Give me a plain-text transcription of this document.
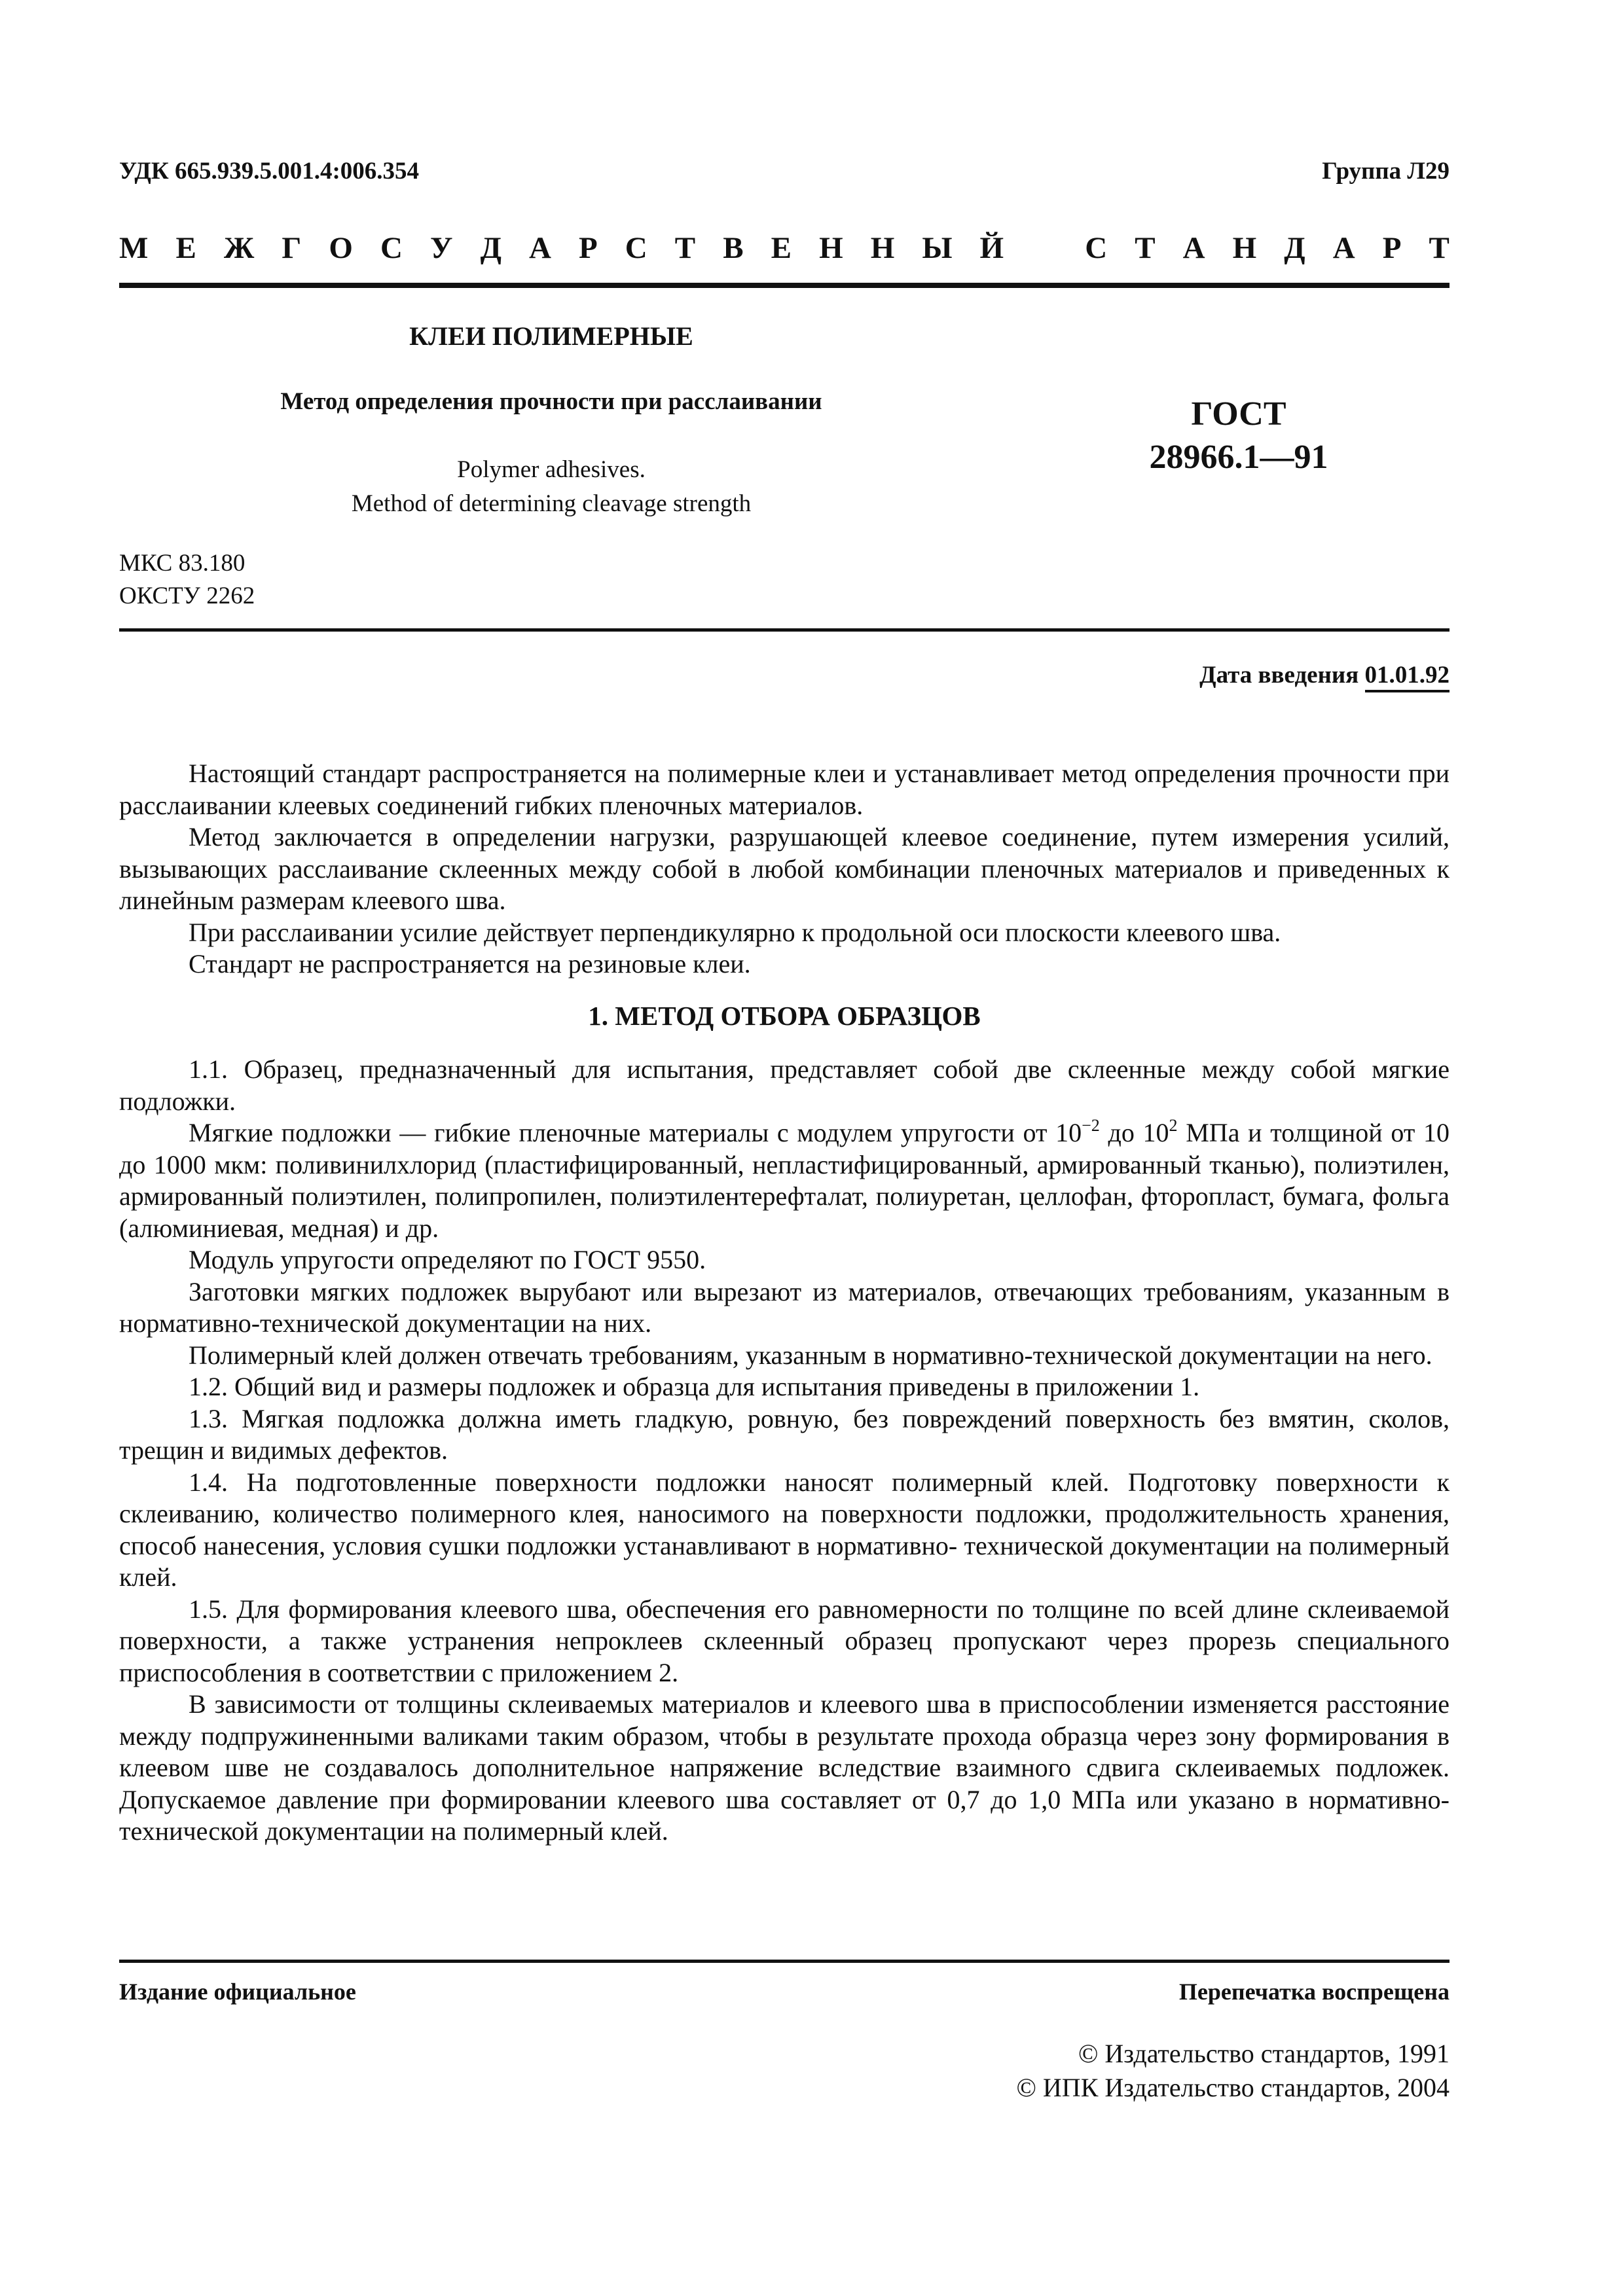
УДК 665.939.5.001.4:006.354	Группа Л29
М Е Ж Г О С У Д А Р С Т В Е Н Н Ы Й	С Т А Н Д А Р Т
КЛЕИ ПОЛИМЕРНЫЕ
Метод определения прочности при расслаивании
Polymer adhesives.
Method of determining cleavage strength
ГОСТ
28966.1—91
МКС 83.180
ОКСТУ 2262
Дата введения 01.01.92

Настоящий стандарт распространяется на полимерные клеи и устанавливает метод определения прочности при расслаивании клеевых соединений гибких пленочных материалов.

Метод заключается в определении нагрузки, разрушающей клеевое соединение, путем измерения усилий, вызывающих расслаивание склеенных между собой в любой комбинации пленочных материалов и приведенных к линейным размерам клеевого шва.

При расслаивании усилие действует перпендикулярно к продольной оси плоскости клеевого шва.

Стандарт не распространяется на резиновые клеи.

1. МЕТОД ОТБОРА ОБРАЗЦОВ

1.1. Образец, предназначенный для испытания, представляет собой две склеенные между собой мягкие подложки.

Мягкие подложки — гибкие пленочные материалы с модулем упругости от $10^{-2}$ до $10^2$ МПа и толщиной от 10 до 1000 мкм: поливинилхлорид (пластифицированный, непластифицированный, армированный тканью), полиэтилен, армированный полиэтилен, полипропилен, полиэтилентерефталат, полиуретан, целлофан, фторопласт, бумага, фольга (алюминиевая, медная) и др.

Модуль упругости определяют по ГОСТ 9550.

Заготовки мягких подложек вырубают или вырезают из материалов, отвечающих требованиям, указанным в нормативно-технической документации на них.

Полимерный клей должен отвечать требованиям, указанным в нормативно-технической документации на него.

1.2. Общий вид и размеры подложек и образца для испытания приведены в приложении 1.

1.3. Мягкая подложка должна иметь гладкую, ровную, без повреждений поверхность без вмятин, сколов, трещин и видимых дефектов.

1.4. На подготовленные поверхности подложки наносят полимерный клей. Подготовку поверхности к склеиванию, количество полимерного клея, наносимого на поверхности подложки, продолжительность хранения, способ нанесения, условия сушки подложки устанавливают в нормативно- технической документации на полимерный клей.

1.5. Для формирования клеевого шва, обеспечения его равномерности по толщине по всей длине склеиваемой поверхности, а также устранения непроклеев склеенный образец пропускают через прорезь специального приспособления в соответствии с приложением 2.

В зависимости от толщины склеиваемых материалов и клеевого шва в приспособлении изменяется расстояние между подпружиненными валиками таким образом, чтобы в результате прохода образца через зону формирования в клеевом шве не создавалось дополнительное напряжение вследствие взаимного сдвига склеиваемых подложек. Допускаемое давление при формировании клеевого шва составляет от 0,7 до 1,0 МПа или указано в нормативно-технической документации на полимерный клей.

Издание официальное	Перепечатка воспрещена
© Издательство стандартов, 1991
© ИПК Издательство стандартов, 2004
